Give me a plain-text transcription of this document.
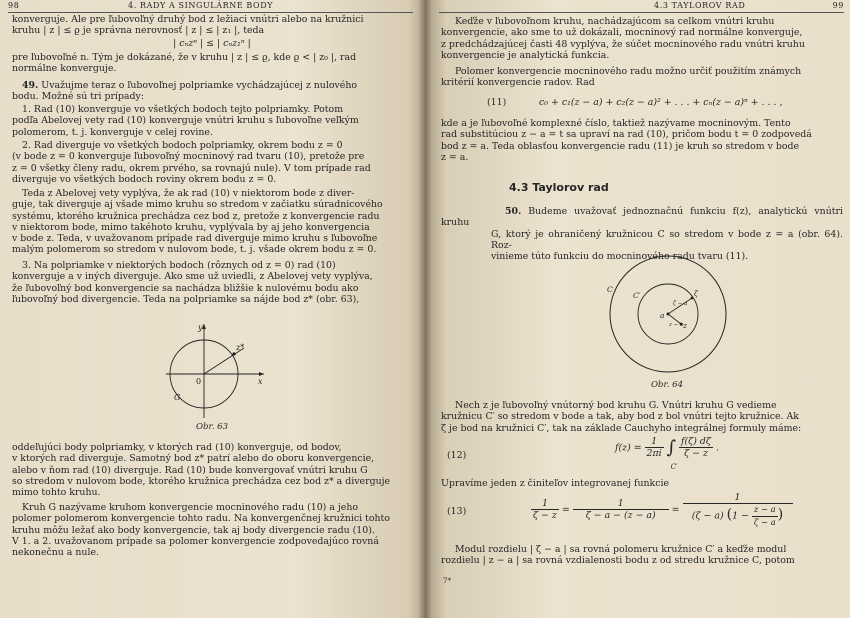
98	4. RADY A SINGULÁRNE BODY
konverguje. Ale pre ľubovoľný druhý bod z ležiaci vnútri alebo na kružnici
kruhu | z | ≤ ϱ je správna nerovnosť | z | ≤ | z₁ |, teda
| cₙzⁿ | ≤ | cₙz₁ⁿ |
pre ľubovoľné n. Tým je dokázané, že v kruhu | z | ≤ ϱ, kde ϱ < | z₀ |, rad
normálne konverguje.
49. Uvažujme teraz o ľubovoľnej polpriamke vychádzajúcej z nulového
bodu. Možné sú tri prípady:
1. Rad (10) konverguje vo všetkých bodoch tejto polpriamky. Potom
podľa Abelovej vety rad (10) konverguje vnútri kruhu s ľubovoľne veľkým
polomerom, t. j. konverguje v celej rovine.
2. Rad diverguje vo všetkých bodoch polpriamky, okrem bodu z = 0
(v bode z = 0 konverguje ľubovoľný mocninový rad tvaru (10), pretože pre
z = 0 všetky členy radu, okrem prvého, sa rovnajú nule). V tom prípade rad
diverguje vo všetkých bodoch roviny okrem bodu z = 0.
Teda z Abelovej vety vyplýva, že ak rad (10) v niektorom bode z diver-
guje, tak diverguje aj všade mimo kruhu so stredom v začiatku súradnicového
systému, ktorého kružnica prechádza cez bod z, pretože z konvergencie radu
v niektorom bode, mimo takéhoto kruhu, vyplývala by aj jeho konvergencia
v bode z. Teda, v uvažovanom prípade rad diverguje mimo kruhu s ľubovoľne
malým polomerom so stredom v nulovom bode, t. j. všade okrem bodu z = 0.
3. Na polpriamke v niektorých bodoch (rôznych od z = 0) rad (10)
konverguje a v iných diverguje. Ako sme už uviedli, z Abelovej vety vyplýva,
že ľubovoľný bod konvergencie sa nachádza bližšie k nulovému bodu ako
ľubovoľný bod divergencie. Teda na polpriamke sa nájde bod z* (obr. 63),
y
x
0
z*
G
Obr. 63
oddeľujúci body polpriamky, v ktorých rad (10) konverguje, od bodov,
v ktorých rad diverguje. Samotný bod z* patrí alebo do oboru konvergencie,
alebo v ňom rad (10) diverguje. Rad (10) bude konvergovať vnútri kruhu G
so stredom v nulovom bode, ktorého kružnica prechádza cez bod z* a diverguje
mimo tohto kruhu.
Kruh G nazývame kruhom konvergencie mocninového radu (10) a jeho
polomer polomerom konvergencie tohto radu. Na konvergenčnej kružnici tohto
kruhu môžu ležať ako body konvergencie, tak aj body divergencie radu (10).
V 1. a 2. uvažovanom prípade sa polomer konvergencie zodpovedajúco rovná
nekonečnu a nule.
4.3 TAYLOROV RAD	99
Keďže v ľubovoľnom kruhu, nachádzajúcom sa celkom vnútri kruhu
konvergencie, ako sme to už dokázali, mocninový rad normálne konverguje,
z predchádzajúcej časti 48 vyplýva, že súčet mocninového radu vnútri kruhu
konvergencie je analytická funkcia.
Polomer konvergencie mocninového radu možno určiť použitím známych
kritérií konvergencie radov. Rad
(11)	c₀ + c₁(z − a) + c₂(z − a)² + . . . + cₙ(z − a)ⁿ + . . . ,
kde a je ľubovoľné komplexné číslo, taktiež nazývame mocninovým. Tento
rad substitúciou z − a = t sa upraví na rad (10), pričom bodu t = 0 zodpovedá
bod z = a. Teda oblasťou konvergencie radu (11) je kruh so stredom v bode
z = a.
4.3 Taylorov rad
50. Budeme uvažovať jednoznačnú funkciu f(z), analytickú vnútri kruhu
G, ktorý je ohraničený kružnicou C so stredom v bode z = a (obr. 64). Roz-
vinieme túto funkciu do mocninového radu tvaru (11).
C′
C	ζ
a
z
ζ − a
z − a
Obr. 64
Nech z je ľubovoľný vnútorný bod kruhu G. Vnútri kruhu G vedieme
kružnicu C′ so stredom v bode a tak, aby bod z bol vnútri tejto kružnice. Ak
ζ je bod na kružnici C′, tak na základe Cauchyho integrálnej formuly máme:
(12)
$f(z) = \frac{1}{2\pi i}$ ∫
C′

$\frac{f(\zeta) d\zeta}{\zeta - z}$ .
Upravíme jeden z činiteľov integrovanej funkcie
(13)	$\frac{1}{\zeta - z} = \frac{1}{\zeta - a - (z - a)} = \frac{1}{(\zeta - a) (1 - \frac{z - a}{\zeta - a} )}$
Modul rozdielu | ζ − a | sa rovná polomeru kružnice C′ a keďže modul
rozdielu | z − a | sa rovná vzdialenosti bodu z od stredu kružnice C, potom
7*
